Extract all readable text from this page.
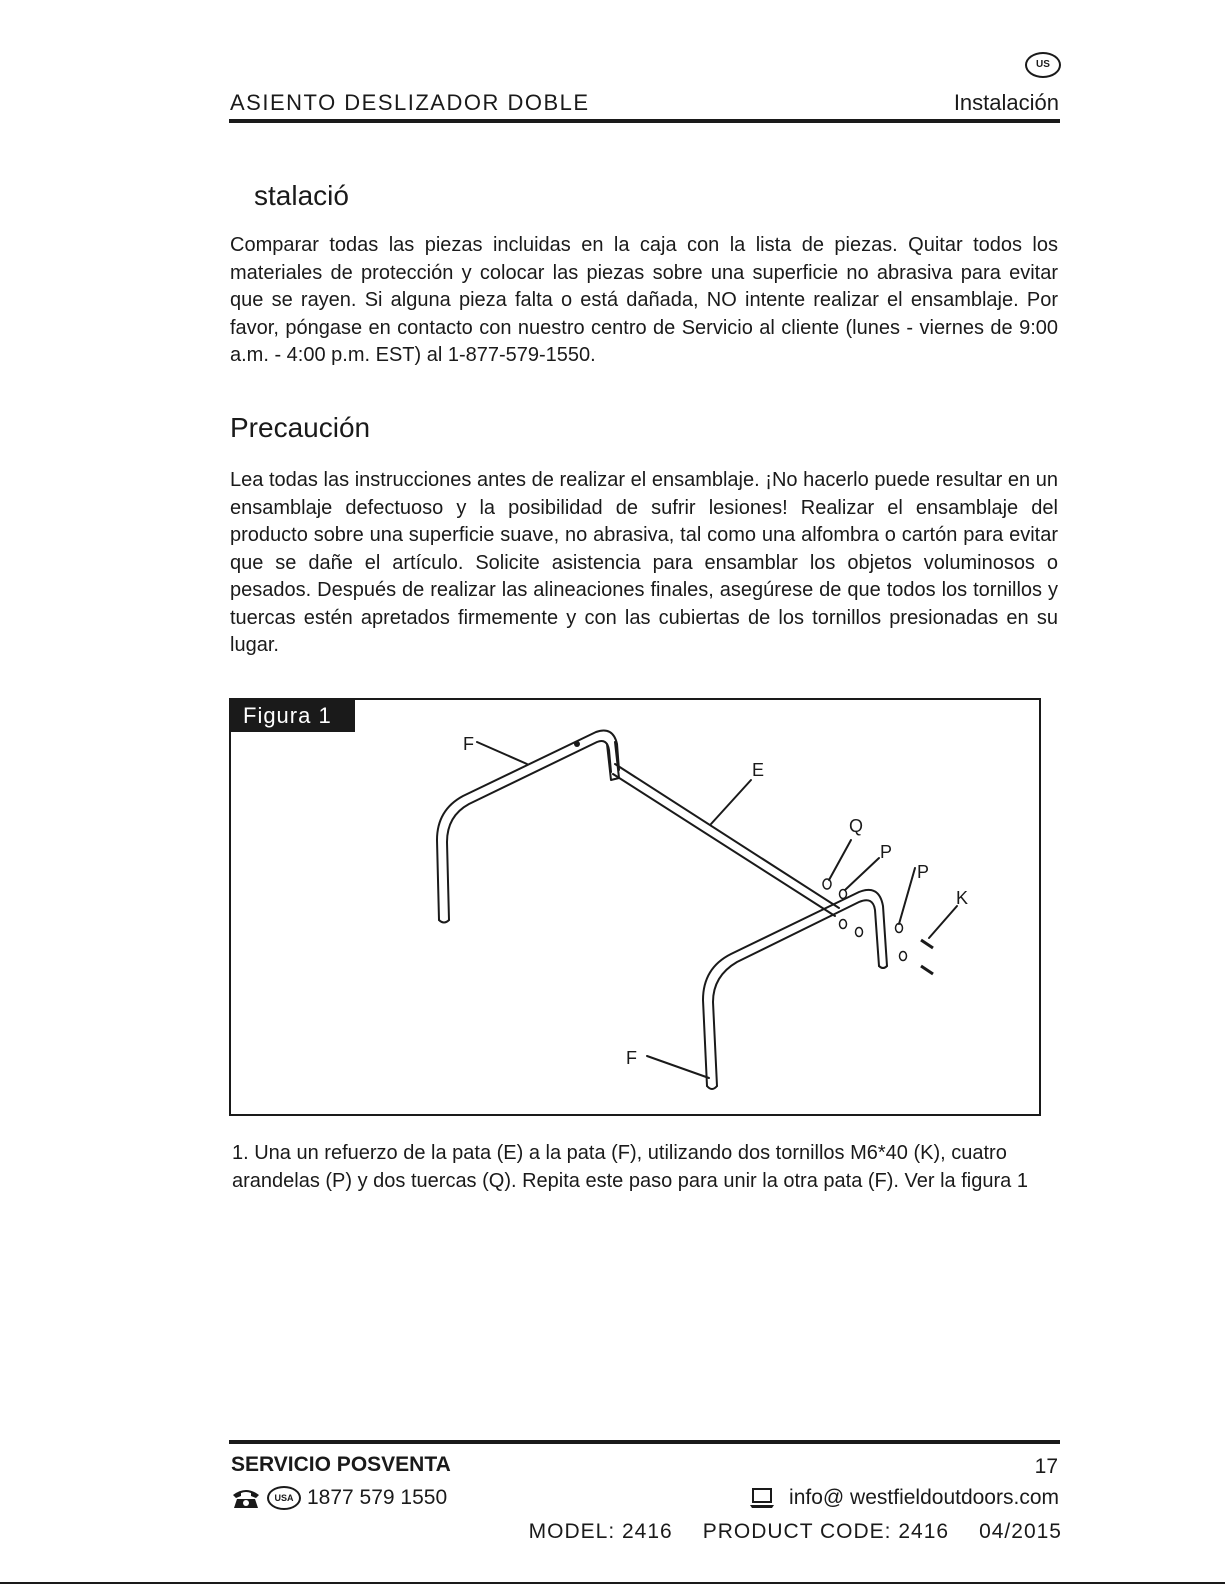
US
ASIENTO DESLIZADOR DOBLE	Instalación
stalació

Comparar todas las piezas incluidas en la caja con la lista de piezas. Quitar todos los materiales de protección y colocar las piezas sobre una superficie no abrasiva para evitar que se rayen. Si alguna pieza falta o está dañada, NO intente realizar el ensamblaje. Por favor, póngase en contacto con nuestro centro de Servicio al cliente (lunes - viernes de 9:00 a.m. - 4:00 p.m. EST) al 1-877-579-1550.

Precaución

Lea todas las instrucciones antes de realizar el ensamblaje. ¡No hacerlo puede resultar en un ensamblaje defectuoso y la posibilidad de sufrir lesiones! Realizar el ensamblaje del producto sobre una superficie suave, no abrasiva, tal como una alfombra o cartón para evitar que se dañe el artículo. Solicite asistencia para ensamblar los objetos voluminosos o pesados. Después de realizar las alineaciones finales, asegúrese de que todos los tornillos y tuercas estén apretados firmemente y con las cubiertas de los tornillos presionadas en su lugar.

Figura 1
F
E
Q
P
P
K
F

1. Una un refuerzo de la pata (E) a la pata (F), utilizando dos tornillos M6*40 (K), cuatro arandelas (P) y dos tuercas (Q). Repita este paso para unir la otra pata (F). Ver la figura 1

SERVICIO POSVENTA	17
USA 1877 579 1550	info@ westfieldoutdoors.com
MODEL: 2416 PRODUCT CODE: 2416 04/2015
